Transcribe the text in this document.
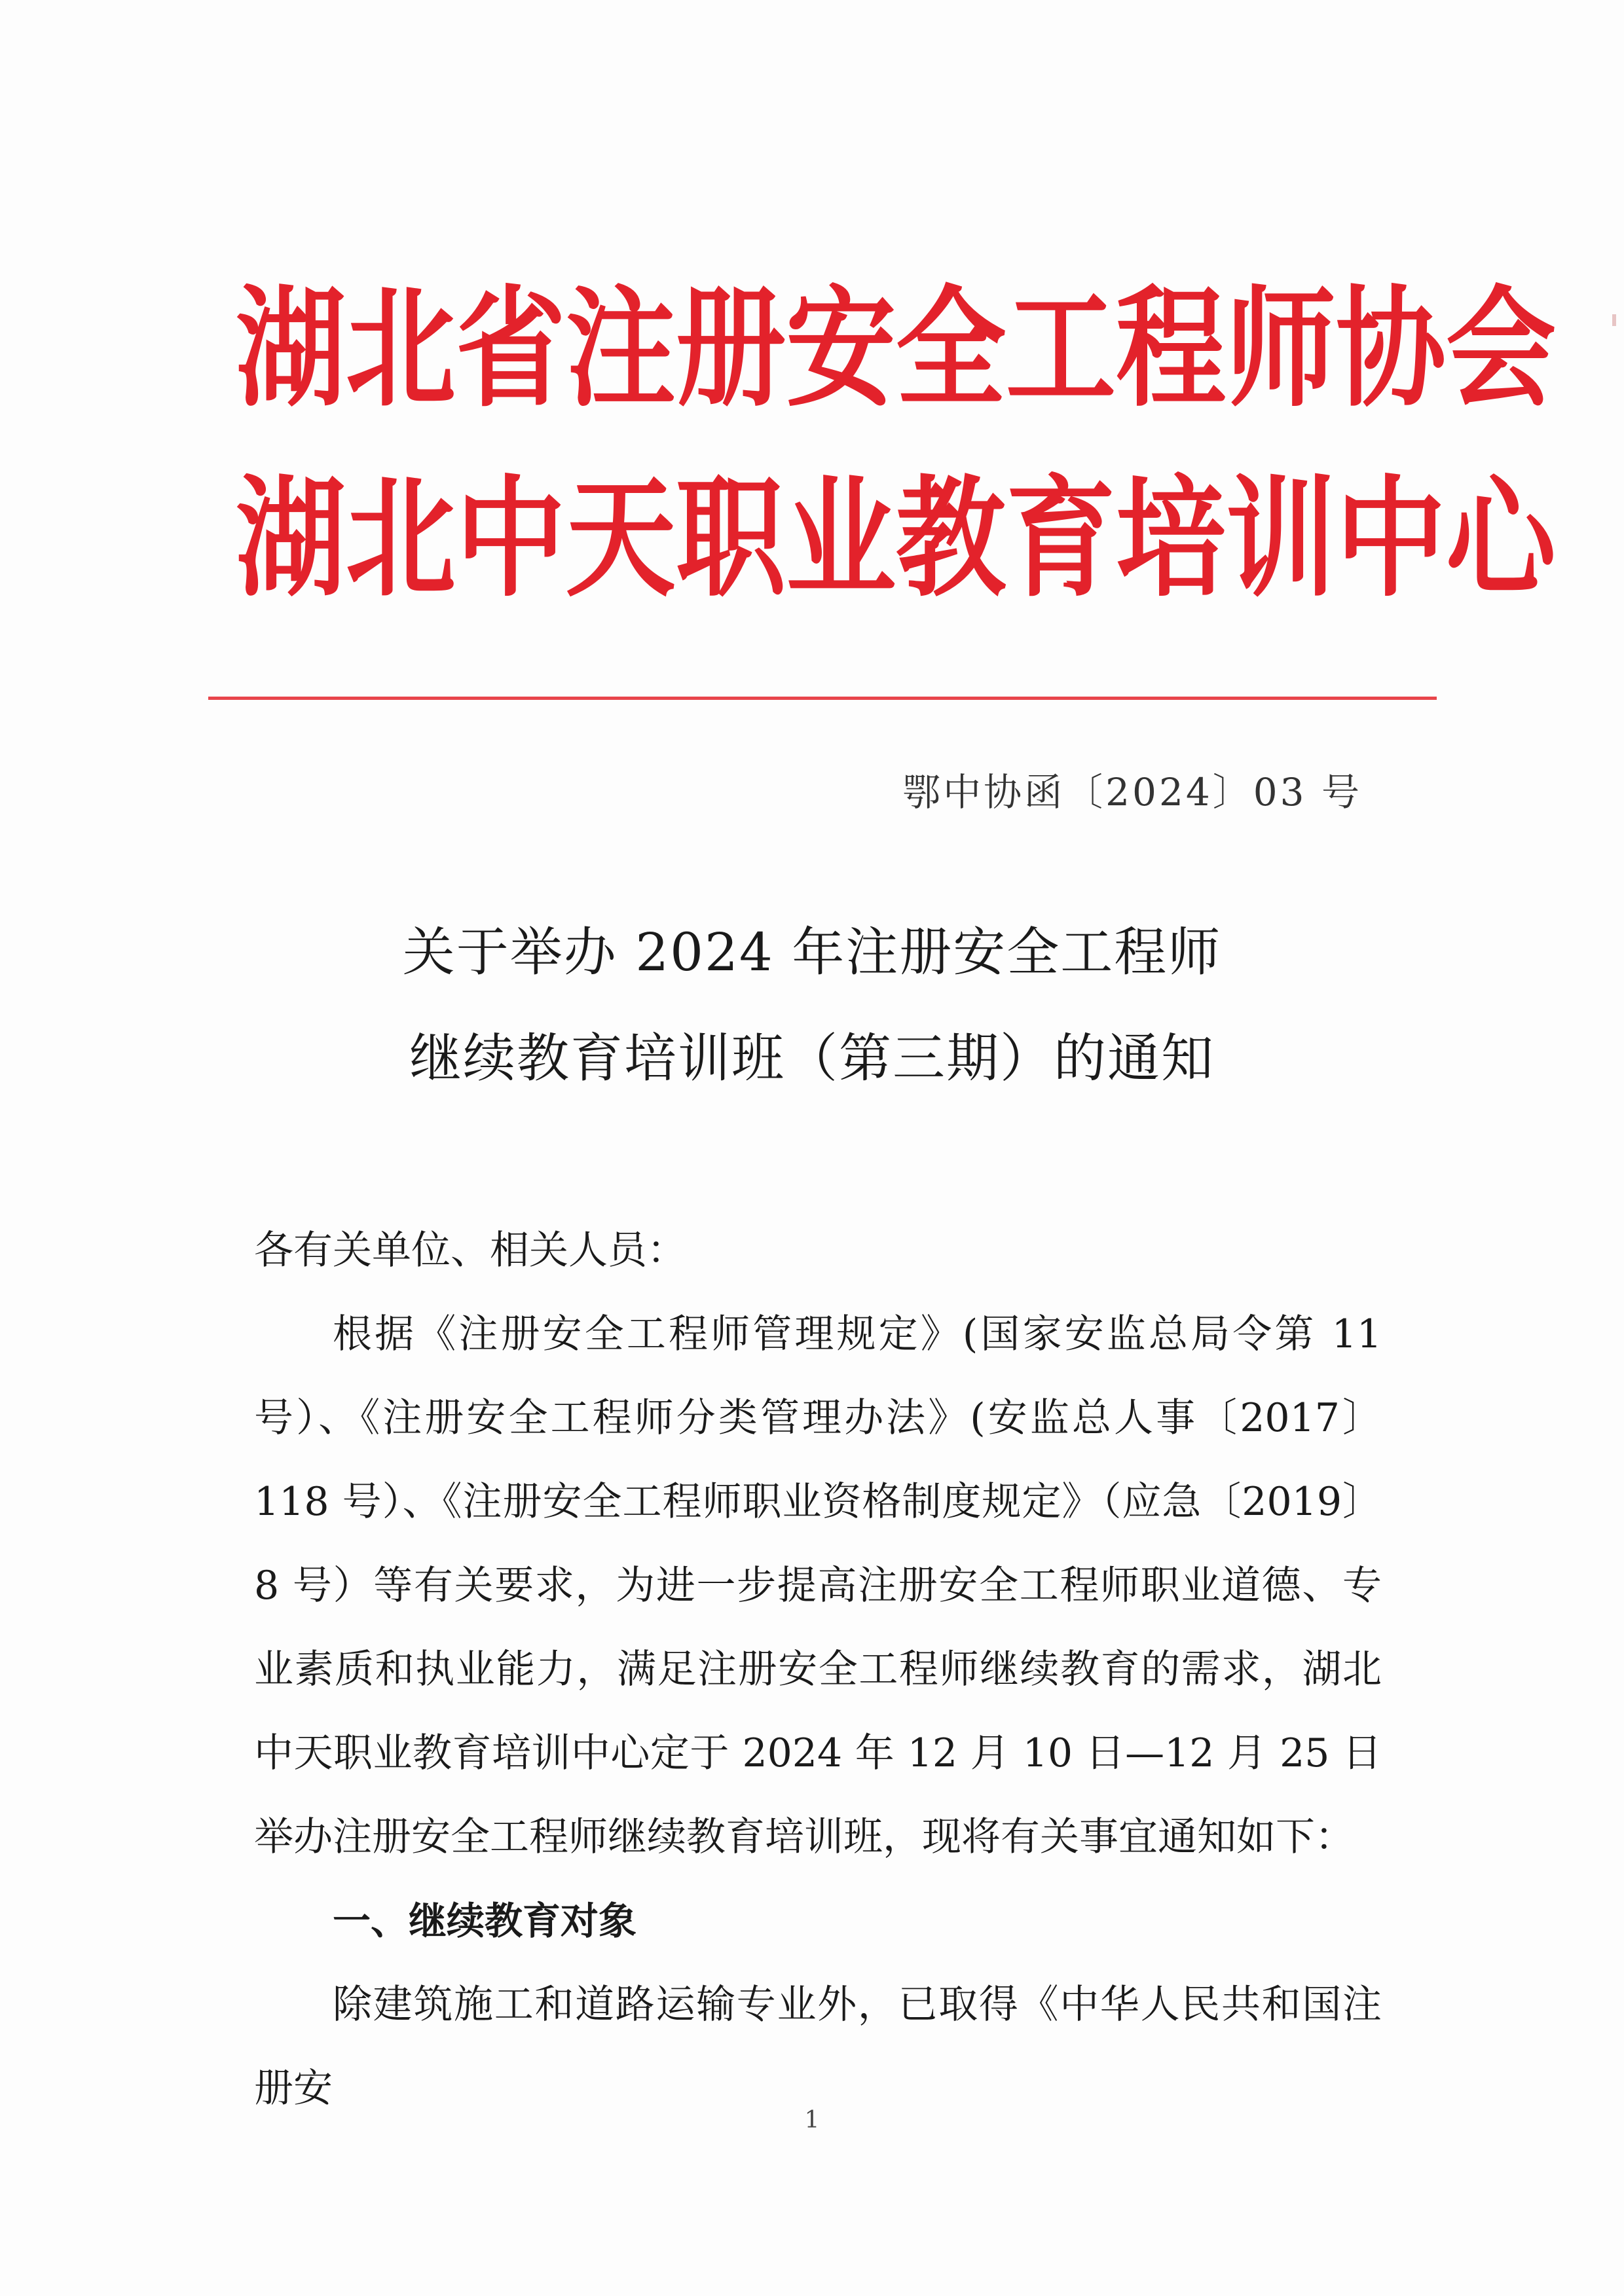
湖北省注册安全工程师协会
湖北中天职业教育培训中心
鄂中协函〔2024〕03 号
关于举办 2024 年注册安全工程师
继续教育培训班（第三期）的通知
各有关单位、相关人员：
根据《注册安全工程师管理规定》(国家安监总局令第 11 号）、《注册安全工程师分类管理办法》(安监总人事〔2017〕118 号）、《注册安全工程师职业资格制度规定》（应急〔2019〕8 号）等有关要求，为进一步提高注册安全工程师职业道德、专业素质和执业能力，满足注册安全工程师继续教育的需求，湖北中天职业教育培训中心定于 2024 年 12 月 10 日—12 月 25 日举办注册安全工程师继续教育培训班，现将有关事宜通知如下：
一、继续教育对象
除建筑施工和道路运输专业外，已取得《中华人民共和国注册安
1
